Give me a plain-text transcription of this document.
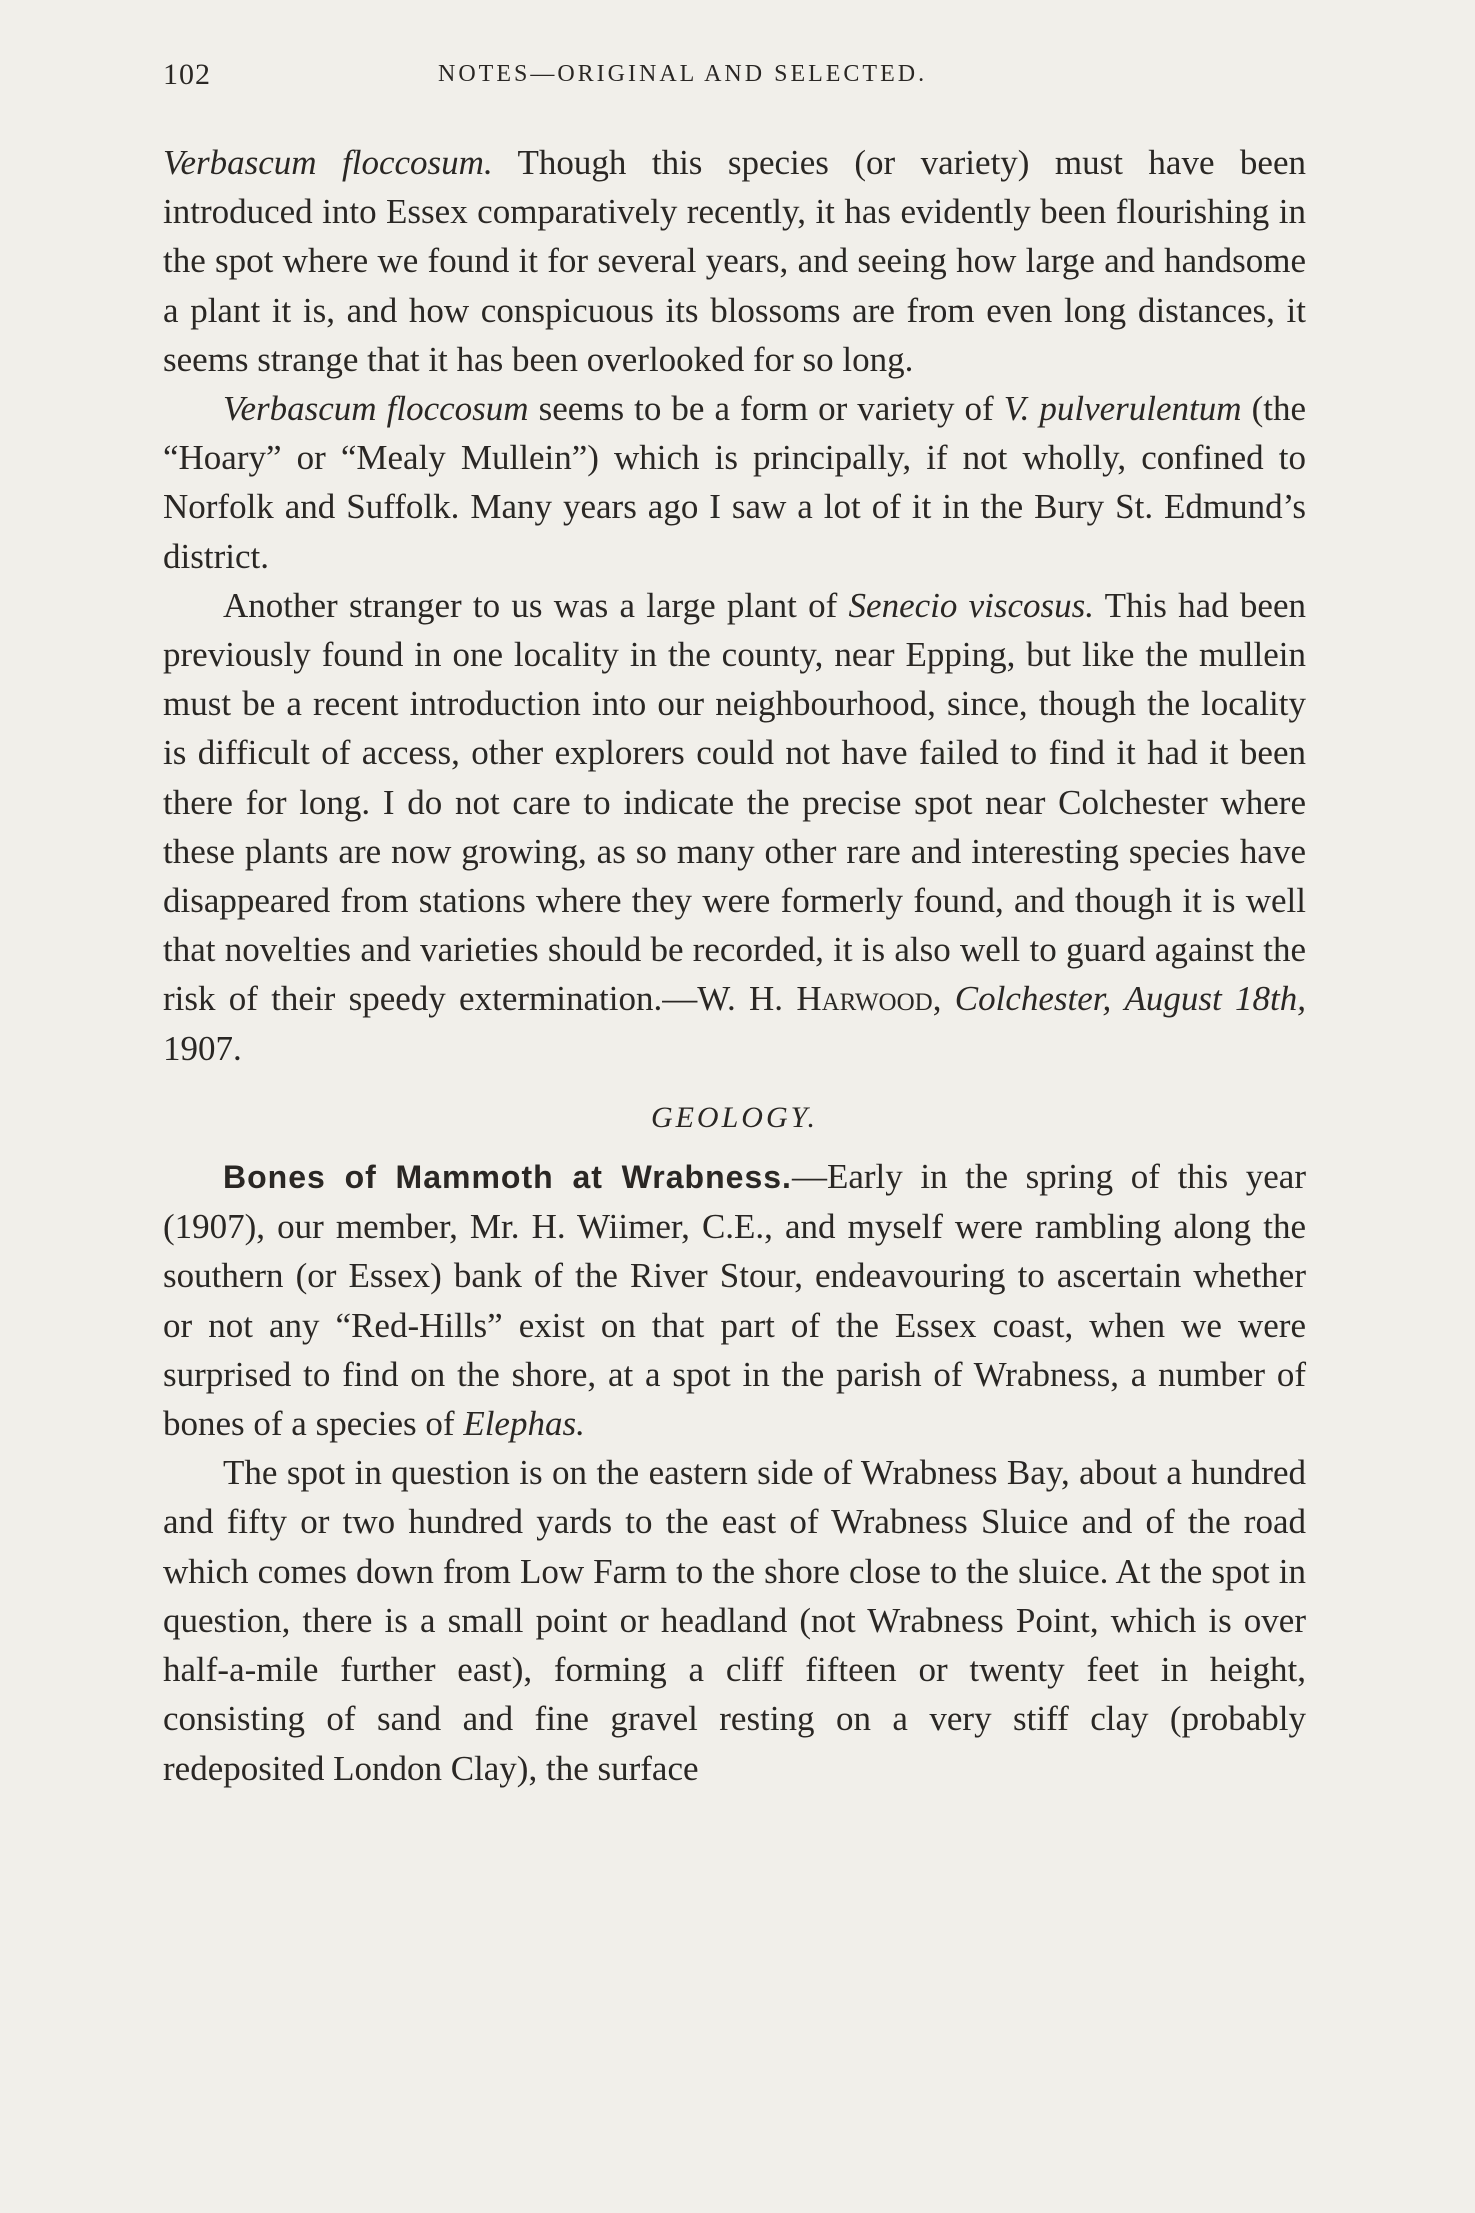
102	NOTES—ORIGINAL AND SELECTED.

Verbascum floccosum. Though this species (or variety) must have been introduced into Essex comparatively recently, it has evidently been flourishing in the spot where we found it for several years, and seeing how large and handsome a plant it is, and how conspicuous its blossoms are from even long distances, it seems strange that it has been overlooked for so long.

Verbascum floccosum seems to be a form or variety of V. pulverulentum (the “Hoary” or “Mealy Mullein”) which is principally, if not wholly, confined to Norfolk and Suffolk. Many years ago I saw a lot of it in the Bury St. Edmund’s district.

Another stranger to us was a large plant of Senecio viscosus. This had been previously found in one locality in the county, near Epping, but like the mullein must be a recent introduction into our neighbourhood, since, though the locality is difficult of access, other explorers could not have failed to find it had it been there for long. I do not care to indicate the precise spot near Colchester where these plants are now growing, as so many other rare and interesting species have disappeared from stations where they were formerly found, and though it is well that novelties and varieties should be recorded, it is also well to guard against the risk of their speedy extermination.—W. H. Harwood, Colchester, August 18th, 1907.

GEOLOGY.

Bones of Mammoth at Wrabness.—Early in the spring of this year (1907), our member, Mr. H. Wiimer, C.E., and myself were rambling along the southern (or Essex) bank of the River Stour, endeavouring to ascertain whether or not any “Red-Hills” exist on that part of the Essex coast, when we were surprised to find on the shore, at a spot in the parish of Wrabness, a number of bones of a species of Elephas.

The spot in question is on the eastern side of Wrabness Bay, about a hundred and fifty or two hundred yards to the east of Wrabness Sluice and of the road which comes down from Low Farm to the shore close to the sluice. At the spot in question, there is a small point or headland (not Wrabness Point, which is over half-a-mile further east), forming a cliff fifteen or twenty feet in height, consisting of sand and fine gravel resting on a very stiff clay (probably redeposited London Clay), the surface
